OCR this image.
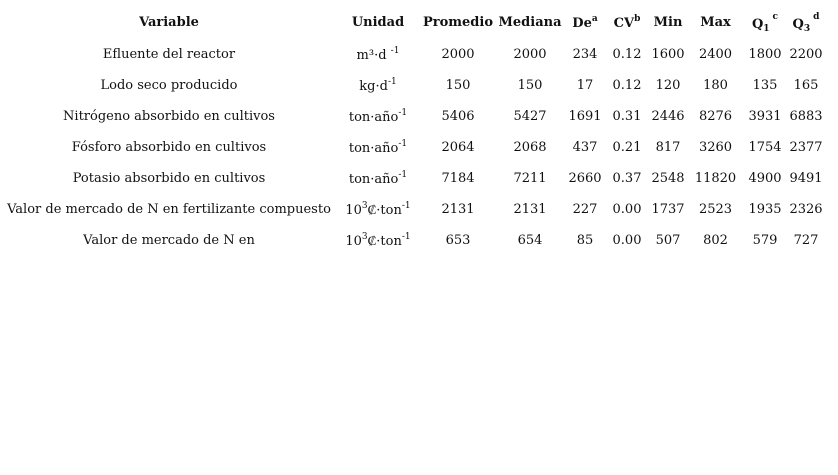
Variable	Unidad	Promedio	Mediana	De$^a$	$CV^b$	Min	Max	$Q_1^c$	$Q_3^d$
Efluente del reactor	m³·d $^{-1}$	2000	2000	234	0.12	1600	2400	1800	2200
Lodo seco producido	$kg\cdot d^{-1}$	150	150	17	0.12	120	180	135	165
Nitrógeno absorbido en cultivos	ton·año$^{-1}$	5406	5427	1691	0.31	2446	8276	3931	6883
Fósforo absorbido en cultivos	ton·año$^{-1}$	2064	2068	437	0.21	817	3260	1754	2377
Potasio absorbido en cultivos	ton·año$^{-1}$	7184	7211	2660	0.37	2548	11820	4900	9491
Valor de mercado de N en fertilizante compuesto	$10^3₡\cdot ton^{-1}$	2131	2131	227	0.00	1737	2523	1935	2326
Valor de mercado de N en	$10^3₡\cdot ton^{-1}$	653	654	85	0.00	507	802	579	727
